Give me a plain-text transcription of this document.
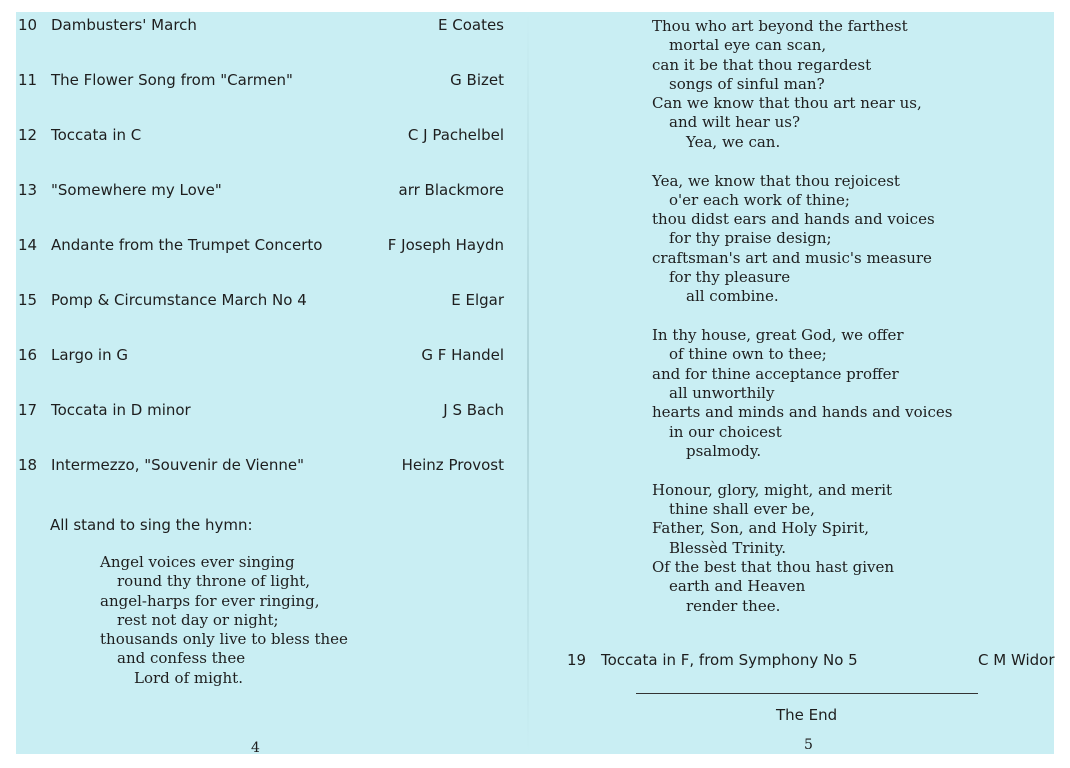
10 Dambusters' March	E Coates
11 The Flower Song from "Carmen"	G Bizet
12 Toccata in C	C J Pachelbel
13 "Somewhere my Love"	arr Blackmore
14 Andante from the Trumpet Concerto	F Joseph Haydn
15 Pomp & Circumstance March No 4	E Elgar
16 Largo in G	G F Handel
17 Toccata in D minor	J S Bach
18 Intermezzo, "Souvenir de Vienne"	Heinz Provost
All stand to sing the hymn:
Angel voices ever singing
round thy throne of light,
angel-harps for ever ringing,
rest not day or night;
thousands only live to bless thee
and confess thee
Lord of might.
Thou who art beyond the farthest
mortal eye can scan,
can it be that thou regardest
songs of sinful man?
Can we know that thou art near us,
and wilt hear us?
Yea, we can.
Yea, we know that thou rejoicest
o'er each work of thine;
thou didst ears and hands and voices
for thy praise design;
craftsman's art and music's measure
for thy pleasure
all combine.
In thy house, great God, we offer
of thine own to thee;
and for thine acceptance proffer
all unworthily
hearts and minds and hands and voices
in our choicest
psalmody.
Honour, glory, might, and merit
thine shall ever be,
Father, Son, and Holy Spirit,
Blessèd Trinity.
Of the best that thou hast given
earth and Heaven
render thee.
19 Toccata in F, from Symphony No 5	C M Widor
The End
4	5
